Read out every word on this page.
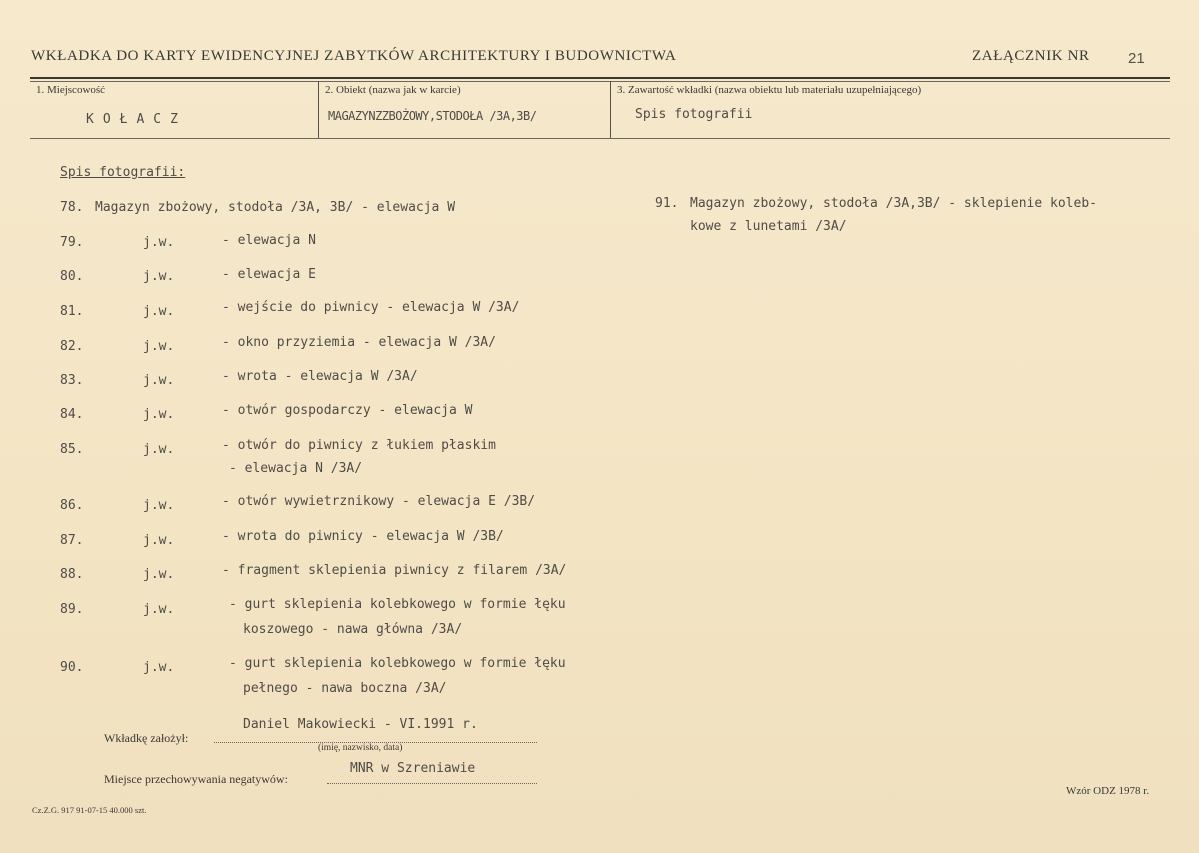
WKŁADKA DO KARTY EWIDENCYJNEJ ZABYTKÓW ARCHITEKTURY I BUDOWNICTWA	ZAŁĄCZNIK NR	21
1. Miejscowość
KOŁACZ
2. Obiekt (nazwa jak w karcie)
MAGAZYNZZBOŻOWY,STODOŁA /3A,3B/
3. Zawartość wkładki (nazwa obiektu lub materiału uzupełniającego)
Spis fotografii
Spis fotografii:
78. Magazyn zbożowy, stodoła /3A, 3B/ - elewacja W
79.	j.w.	- elewacja N
80.	j.w.	- elewacja E
81.	j.w.	- wejście do piwnicy - elewacja W /3A/
82.	j.w.	- okno przyziemia - elewacja W /3A/
83.	j.w.	- wrota - elewacja W /3A/
84.	j.w.	- otwór gospodarczy - elewacja W
85.	j.w.	- otwór do piwnicy z łukiem płaskim
- elewacja N /3A/
86.	j.w.	- otwór wywietrznikowy - elewacja E /3B/
87.	j.w.	- wrota do piwnicy - elewacja W /3B/
88.	j.w.	- fragment sklepienia piwnicy z filarem /3A/
89.	j.w.	- gurt sklepienia kolebkowego w formie łęku
koszowego - nawa główna /3A/
90.	j.w.	- gurt sklepienia kolebkowego w formie łęku
pełnego - nawa boczna /3A/
91. Magazyn zbożowy, stodoła /3A,3B/ - sklepienie koleb-
kowe z lunetami /3A/
Daniel Makowiecki - VI.1991 r.
Wkładkę założył:
(imię, nazwisko, data)
MNR w Szreniawie
Miejsce przechowywania negatywów:
Cz.Z.G. 917 91-07-15 40.000 szt.
Wzór ODZ 1978 r.
